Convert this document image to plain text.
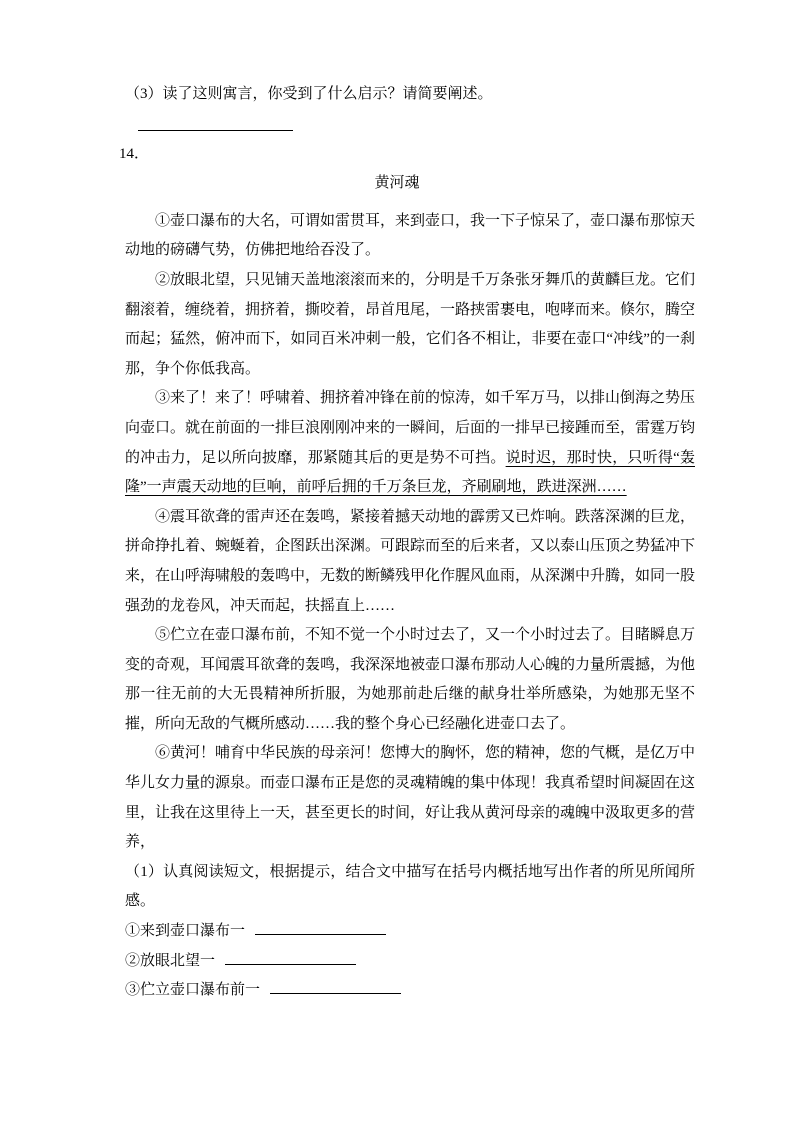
（3）读了这则寓言，你受到了什么启示？请简要阐述。
14．
黄河魂

①壶口瀑布的大名，可谓如雷贯耳，来到壶口，我一下子惊呆了，壶口瀑布那惊天动地的磅礴气势，仿佛把地给吞没了。

②放眼北望，只见铺天盖地滚滚而来的，分明是千万条张牙舞爪的黄麟巨龙。它们翻滚着，缠绕着，拥挤着，撕咬着，昂首甩尾，一路挟雷裹电，咆哮而来。倏尔，腾空而起；猛然，俯冲而下，如同百米冲刺一般，它们各不相让，非要在壶口“冲线”的一刹那，争个你低我高。

③来了！来了！呼啸着、拥挤着冲锋在前的惊涛，如千军万马，以排山倒海之势压向壶口。就在前面的一排巨浪刚刚冲来的一瞬间，后面的一排早已接踵而至，雷霆万钧的冲击力，足以所向披靡，那紧随其后的更是势不可挡。说时迟，那时快，只听得“轰隆”一声震天动地的巨响，前呼后拥的千万条巨龙，齐刷刷地，跌进深洲……

④震耳欲聋的雷声还在轰鸣，紧接着撼天动地的霹雳又已炸响。跌落深渊的巨龙，拼命挣扎着、蜿蜒着，企图跃出深渊。可跟踪而至的后来者，又以泰山压顶之势猛冲下来，在山呼海啸般的轰鸣中，无数的断鳞残甲化作腥风血雨，从深渊中升腾，如同一股强劲的龙卷风，冲天而起，扶摇直上……

⑤伫立在壶口瀑布前，不知不觉一个小时过去了，又一个小时过去了。目睹瞬息万变的奇观，耳闻震耳欲聋的轰鸣，我深深地被壶口瀑布那动人心魄的力量所震撼，为他那一往无前的大无畏精神所折服，为她那前赴后继的献身壮举所感染，为她那无坚不摧，所向无敌的气概所感动……我的整个身心已经融化进壶口去了。

⑥黄河！哺育中华民族的母亲河！您博大的胸怀，您的精神，您的气概，是亿万中华儿女力量的源泉。而壶口瀑布正是您的灵魂精魄的集中体现！我真希望时间凝固在这里，让我在这里待上一天，甚至更长的时间，好让我从黄河母亲的魂魄中汲取更多的营养，

（1）认真阅读短文，根据提示，结合文中描写在括号内概括地写出作者的所见所闻所感。

①来到壶口瀑布一
②放眼北望一
③伫立壶口瀑布前一
